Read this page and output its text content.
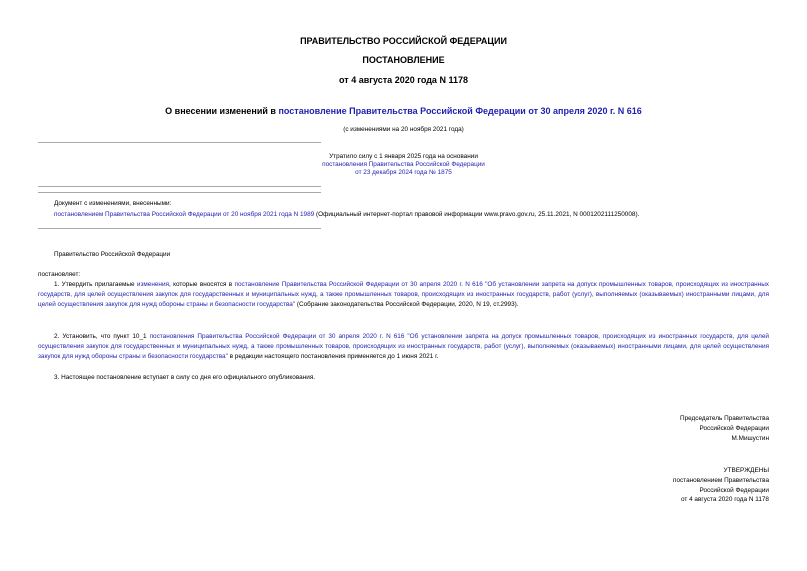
ПРАВИТЕЛЬСТВО РОССИЙСКОЙ ФЕДЕРАЦИИ
ПОСТАНОВЛЕНИЕ
от 4 августа 2020 года N 1178
О внесении изменений в постановление Правительства Российской Федерации от 30 апреля 2020 г. N 616
(с изменениями на 20 ноября 2021 года)
Утратило силу с 1 января 2025 года на основании
постановления Правительства Российской Федерации
от 23 декабря 2024 года № 1875
Документ с изменениями, внесенными:
постановлением Правительства Российской Федерации от 20 ноября 2021 года N 1989 (Официальный интернет-портал правовой информации www.pravo.gov.ru, 25.11.2021, N 0001202111250008).
Правительство Российской Федерации
постановляет:
1. Утвердить прилагаемые изменения, которые вносятся в постановление Правительства Российской Федерации от 30 апреля 2020 г. N 616 "Об установлении запрета на допуск промышленных товаров, происходящих из иностранных государств, для целей осуществления закупок для государственных и муниципальных нужд, а также промышленных товаров, происходящих из иностранных государств, работ (услуг), выполняемых (оказываемых) иностранными лицами, для целей осуществления закупок для нужд обороны страны и безопасности государства" (Собрание законодательства Российской Федерации, 2020, N 19, ст.2993).
2. Установить, что пункт 10_1 постановления Правительства Российской Федерации от 30 апреля 2020 г. N 616 "Об установлении запрета на допуск промышленных товаров, происходящих из иностранных государств, для целей осуществления закупок для государственных и муниципальных нужд, а также промышленных товаров, происходящих из иностранных государств, работ (услуг), выполняемых (оказываемых) иностранными лицами, для целей осуществления закупок для нужд обороны страны и безопасности государства" в редакции настоящего постановления применяется до 1 июня 2021 г.
3. Настоящее постановление вступает в силу со дня его официального опубликования.
Председатель Правительства
Российской Федерации
М.Мишустин
УТВЕРЖДЕНЫ
постановлением Правительства
Российской Федерации
от 4 августа 2020 года N 1178
